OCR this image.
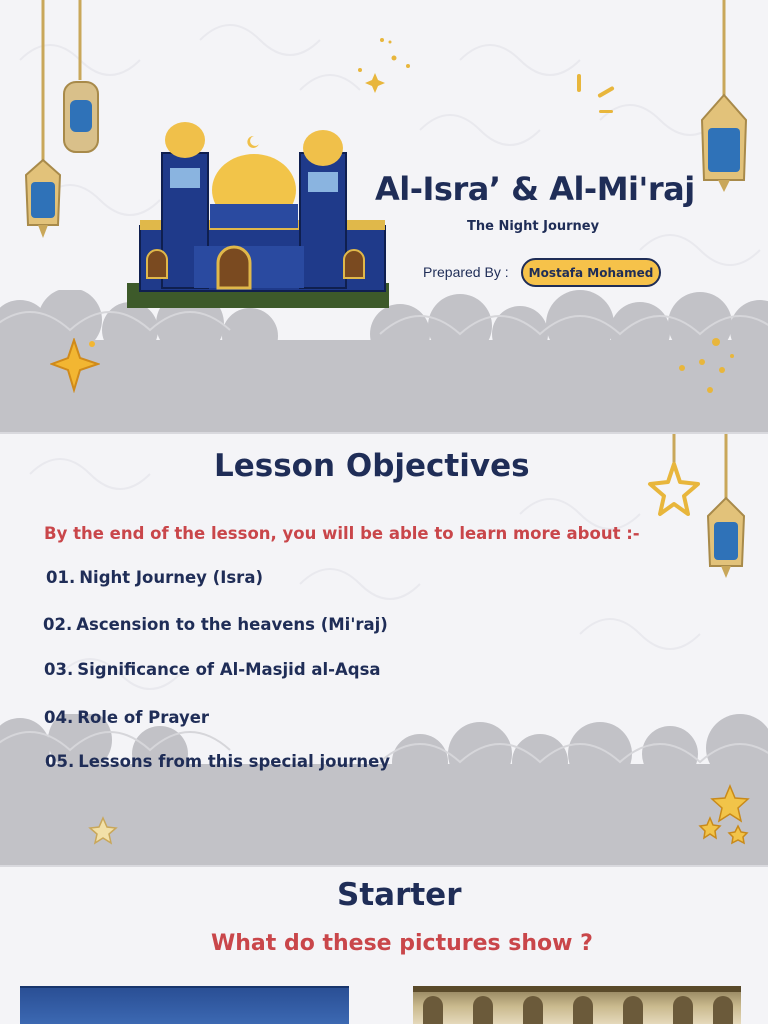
Al-Isra’ & Al-Mi'raj
The Night Journey
Prepared By :	Mostafa Mohamed
Lesson Objectives
By the end of the lesson, you will be able to learn more about :-
01. Night Journey (Isra)
02. Ascension to the heavens (Mi'raj)
03. Significance of Al-Masjid al-Aqsa
04. Role of Prayer
05. Lessons from this special journey
Starter
What do these pictures show ?
